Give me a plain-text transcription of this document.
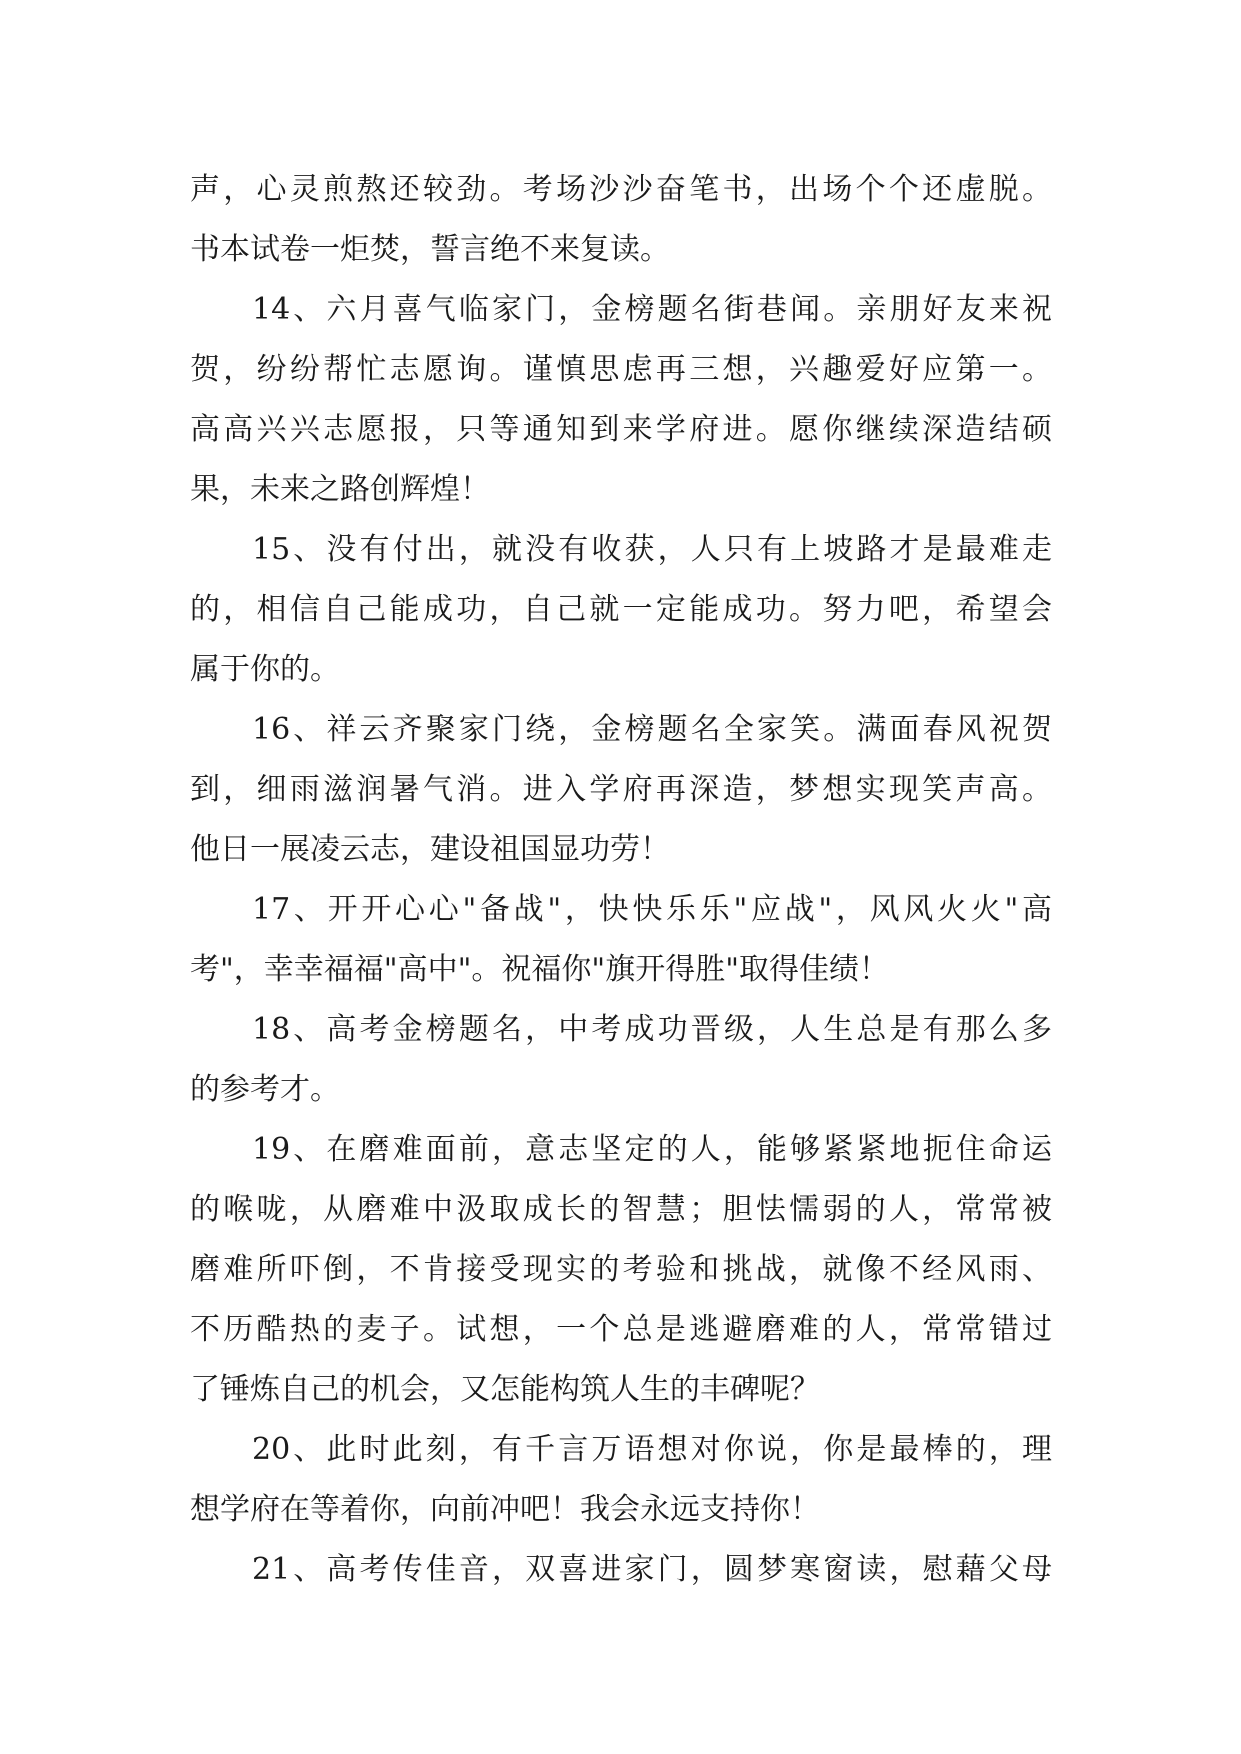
声，心灵煎熬还较劲。考场沙沙奋笔书，出场个个还虚脱。
书本试卷一炬焚，誓言绝不来复读。
14、六月喜气临家门，金榜题名街巷闻。亲朋好友来祝
贺，纷纷帮忙志愿询。谨慎思虑再三想，兴趣爱好应第一。
高高兴兴志愿报，只等通知到来学府进。愿你继续深造结硕
果，未来之路创辉煌！
15、没有付出，就没有收获，人只有上坡路才是最难走
的，相信自己能成功，自己就一定能成功。努力吧，希望会
属于你的。
16、祥云齐聚家门绕，金榜题名全家笑。满面春风祝贺
到，细雨滋润暑气消。进入学府再深造，梦想实现笑声高。
他日一展凌云志，建设祖国显功劳！
17、开开心心"备战"，快快乐乐"应战"，风风火火"高
考"，幸幸福福"高中"。祝福你"旗开得胜"取得佳绩！
18、高考金榜题名，中考成功晋级，人生总是有那么多
的参考才。
19、在磨难面前，意志坚定的人，能够紧紧地扼住命运
的喉咙，从磨难中汲取成长的智慧；胆怯懦弱的人，常常被
磨难所吓倒，不肯接受现实的考验和挑战，就像不经风雨、
不历酷热的麦子。试想，一个总是逃避磨难的人，常常错过
了锤炼自己的机会，又怎能构筑人生的丰碑呢？
20、此时此刻，有千言万语想对你说，你是最棒的，理
想学府在等着你，向前冲吧！我会永远支持你！
21、高考传佳音，双喜进家门，圆梦寒窗读，慰藉父母
